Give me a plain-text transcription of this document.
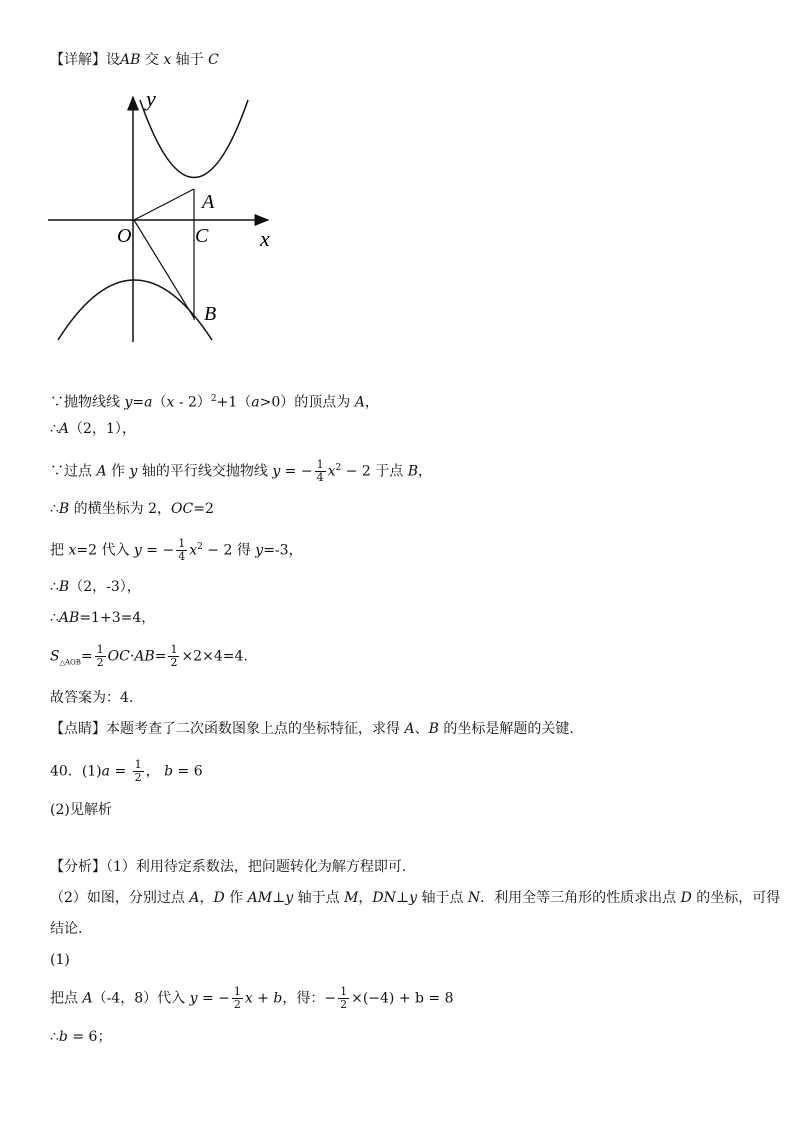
【详解】设AB 交 x 轴于 C
y
x
O
A
C
B
∵抛物线线 y=a（x - 2）$^2$+1（a>0）的顶点为 A，
∴A（2，1），
∵过点 A 作 y 轴的平行线交抛物线 y = − $\frac{1}{4} x^2 - 2$ 于点 B，
∴B 的横坐标为 2，OC=2
把 x=2 代入 y = − $\frac{1}{4} x^2 - 2$ 得 y=-3，
∴B（2，-3），
∴AB=1+3=4，
$S_{\triangle AOB}= \frac{1}{2} OC\cdot AB= \frac{1}{2} \times 2\times 4=4$.
故答案为：4.
【点睛】本题考查了二次函数图象上点的坐标特征，求得 A、B 的坐标是解题的关键.
40．$(1)a = \frac{1}{2}$ ， b = 6
(2)见解析
【分析】（1）利用待定系数法，把问题转化为解方程即可.
（2）如图，分别过点 A，D 作 AM⊥y 轴于点 M，DN⊥y 轴于点 N．利用全等三角形的性质求出点 D 的坐标，可得
结论.
(1)
把点 A（-4，8）代入 y = − $\frac{1}{2}$ x + b，得：− $\frac{1}{2} \times(-4) + b = 8$
∴b = 6；
